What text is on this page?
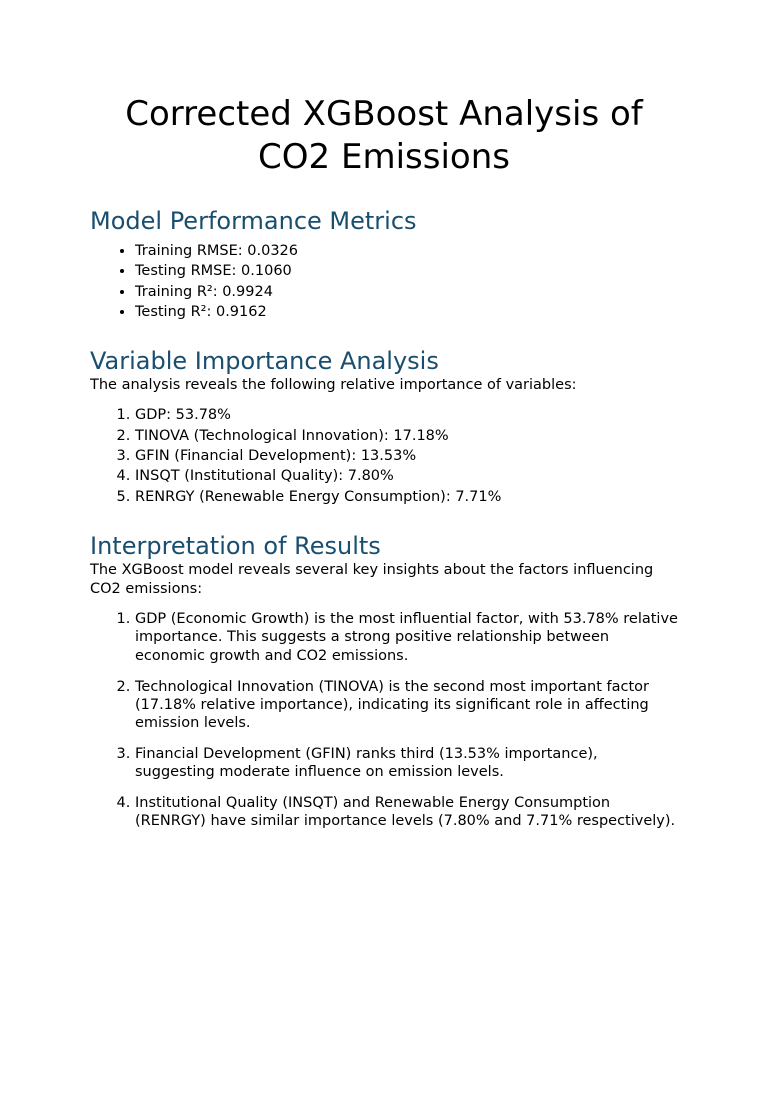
Corrected XGBoost Analysis of CO2 Emissions
Model Performance Metrics
• Training RMSE: 0.0326
• Testing RMSE: 0.1060
• Training R²: 0.9924
• Testing R²: 0.9162
Variable Importance Analysis

The analysis reveals the following relative importance of variables:

1. GDP: 53.78%
2. TINOVA (Technological Innovation): 17.18%
3. GFIN (Financial Development): 13.53%
4. INSQT (Institutional Quality): 7.80%
5. RENRGY (Renewable Energy Consumption): 7.71%
Interpretation of Results

The XGBoost model reveals several key insights about the factors influencing CO2 emissions:

1. GDP (Economic Growth) is the most influential factor, with 53.78% relative importance. This suggests a strong positive relationship between economic growth and CO2 emissions.
2. Technological Innovation (TINOVA) is the second most important factor (17.18% relative importance), indicating its significant role in affecting emission levels.
3. Financial Development (GFIN) ranks third (13.53% importance), suggesting moderate influence on emission levels.
4. Institutional Quality (INSQT) and Renewable Energy Consumption (RENRGY) have similar importance levels (7.80% and 7.71% respectively).
